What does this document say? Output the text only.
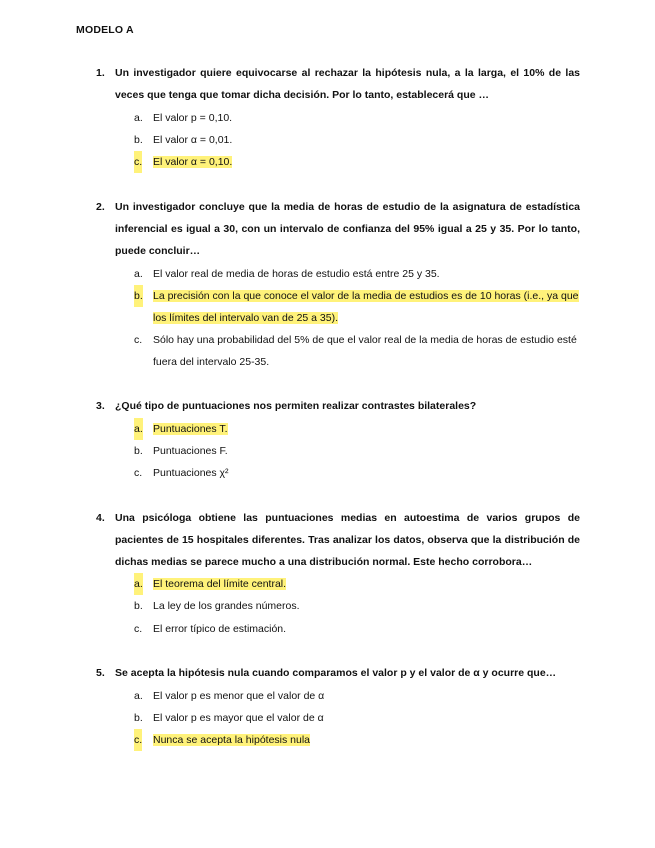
MODELO A
1. Un investigador quiere equivocarse al rechazar la hipótesis nula, a la larga, el 10% de las veces que tenga que tomar dicha decisión. Por lo tanto, establecerá que …
a. El valor p = 0,10.
b. El valor α = 0,01.
c. El valor α = 0,10.
2. Un investigador concluye que la media de horas de estudio de la asignatura de estadística inferencial es igual a 30, con un intervalo de confianza del 95% igual a 25 y 35. Por lo tanto, puede concluir…
a. El valor real de media de horas de estudio está entre 25 y 35.
b. La precisión con la que conoce el valor de la media de estudios es de 10 horas (i.e., ya que los límites del intervalo van de 25 a 35).
c. Sólo hay una probabilidad del 5% de que el valor real de la media de horas de estudio esté fuera del intervalo 25-35.
3. ¿Qué tipo de puntuaciones nos permiten realizar contrastes bilaterales?
a. Puntuaciones T.
b. Puntuaciones F.
c. Puntuaciones χ²
4. Una psicóloga obtiene las puntuaciones medias en autoestima de varios grupos de pacientes de 15 hospitales diferentes. Tras analizar los datos, observa que la distribución de dichas medias se parece mucho a una distribución normal. Este hecho corrobora…
a. El teorema del límite central.
b. La ley de los grandes números.
c. El error típico de estimación.
5. Se acepta la hipótesis nula cuando comparamos el valor p y el valor de α y ocurre que…
a. El valor p es menor que el valor de α
b. El valor p es mayor que el valor de α
c. Nunca se acepta la hipótesis nula
